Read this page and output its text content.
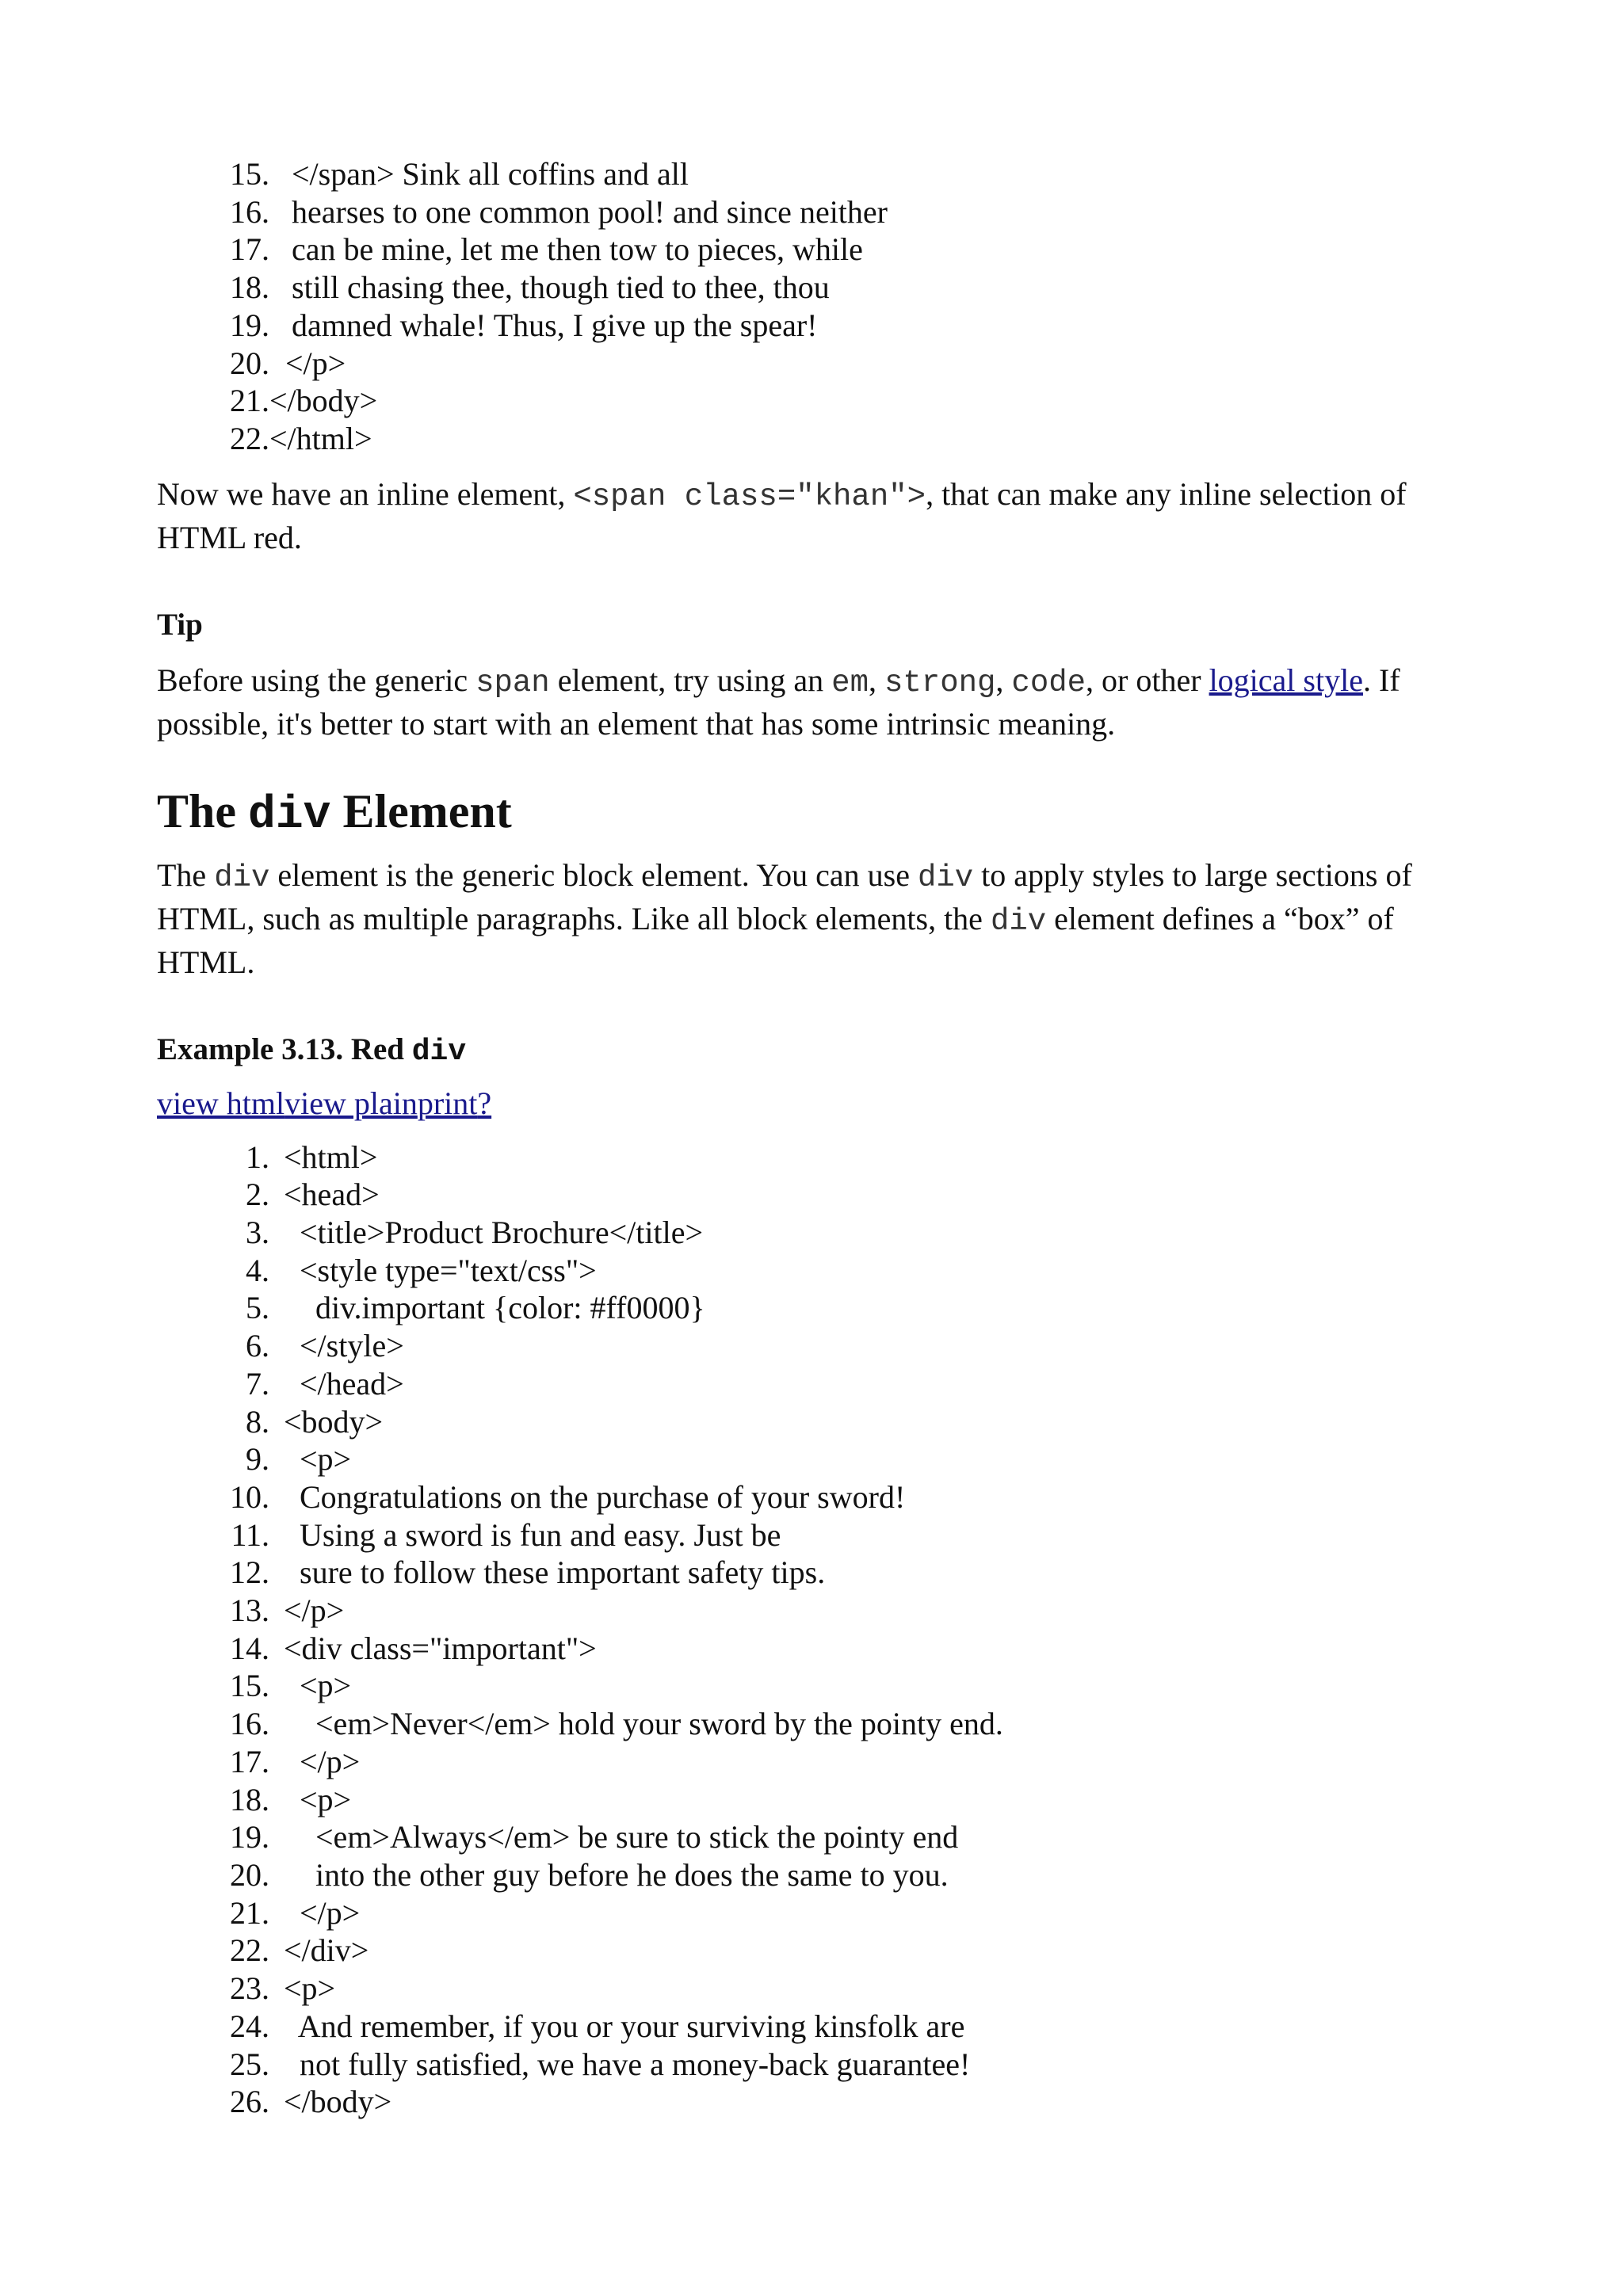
15. </span> Sink all coffins and all
16. hearses to one common pool! and since neither
17. can be mine, let me then tow to pieces, while
18. still chasing thee, though tied to thee, thou
19. damned whale! Thus, I give up the spear!
20. </p>
21. </body>
22. </html>

Now we have an inline element, <span class="khan">, that can make any inline selection of HTML red.

Tip

Before using the generic span element, try using an em, strong, code, or other logical style. If possible, it's better to start with an element that has some intrinsic meaning.

The div Element

The div element is the generic block element. You can use div to apply styles to large sections of HTML, such as multiple paragraphs. Like all block elements, the div element defines a “box” of HTML.

Example 3.13. Red div
view htmlview plainprint?
1. <html>
2. <head>
3. <title>Product Brochure</title>
4. <style type="text/css">
5. div.important {color: #ff0000}
6. </style>
7. </head>
8. <body>
9. <p>
10. Congratulations on the purchase of your sword!
11. Using a sword is fun and easy. Just be
12. sure to follow these important safety tips.
13. </p>
14. <div class="important">
15. <p>
16. <em>Never</em> hold your sword by the pointy end.
17. </p>
18. <p>
19. <em>Always</em> be sure to stick the pointy end
20. into the other guy before he does the same to you.
21. </p>
22. </div>
23. <p>
24. And remember, if you or your surviving kinsfolk are
25. not fully satisfied, we have a money-back guarantee!
26. </body>
